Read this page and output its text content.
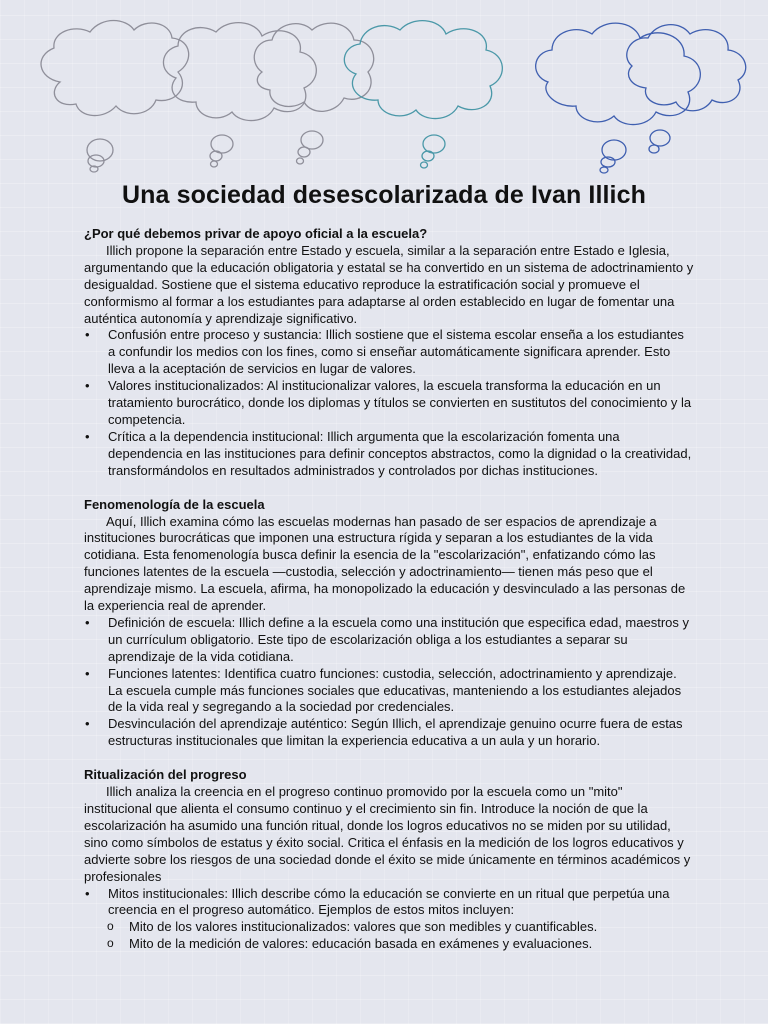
Una sociedad desescolarizada de Ivan Illich

¿Por qué debemos privar de apoyo oficial a la escuela?

Illich propone la separación entre Estado y escuela, similar a la separación entre Estado e Iglesia, argumentando que la educación obligatoria y estatal se ha convertido en un sistema de adoctrinamiento y desigualdad. Sostiene que el sistema educativo reproduce la estratificación social y promueve el conformismo al formar a los estudiantes para adaptarse al orden establecido en lugar de fomentar una auténtica autonomía y aprendizaje significativo.

• Confusión entre proceso y sustancia: Illich sostiene que el sistema escolar enseña a los estudiantes a confundir los medios con los fines, como si enseñar automáticamente significara aprender. Esto lleva a la aceptación de servicios en lugar de valores.
• Valores institucionalizados: Al institucionalizar valores, la escuela transforma la educación en un tratamiento burocrático, donde los diplomas y títulos se convierten en sustitutos del conocimiento y la competencia.
• Crítica a la dependencia institucional: Illich argumenta que la escolarización fomenta una dependencia en las instituciones para definir conceptos abstractos, como la dignidad o la creatividad, transformándolos en resultados administrados y controlados por dichas instituciones.

Fenomenología de la escuela

Aquí, Illich examina cómo las escuelas modernas han pasado de ser espacios de aprendizaje a instituciones burocráticas que imponen una estructura rígida y separan a los estudiantes de la vida cotidiana. Esta fenomenología busca definir la esencia de la "escolarización", enfatizando cómo las funciones latentes de la escuela —custodia, selección y adoctrinamiento— tienen más peso que el aprendizaje mismo. La escuela, afirma, ha monopolizado la educación y desvinculado a las personas de la experiencia real de aprender.

• Definición de escuela: Illich define a la escuela como una institución que especifica edad, maestros y un currículum obligatorio. Este tipo de escolarización obliga a los estudiantes a separar su aprendizaje de la vida cotidiana.
• Funciones latentes: Identifica cuatro funciones: custodia, selección, adoctrinamiento y aprendizaje. La escuela cumple más funciones sociales que educativas, manteniendo a los estudiantes alejados de la vida real y segregando a la sociedad por credenciales.
• Desvinculación del aprendizaje auténtico: Según Illich, el aprendizaje genuino ocurre fuera de estas estructuras institucionales que limitan la experiencia educativa a un aula y un horario.

Ritualización del progreso

Illich analiza la creencia en el progreso continuo promovido por la escuela como un "mito" institucional que alienta el consumo continuo y el crecimiento sin fin. Introduce la noción de que la escolarización ha asumido una función ritual, donde los logros educativos no se miden por su utilidad, sino como símbolos de estatus y éxito social. Critica el énfasis en la medición de los logros educativos y advierte sobre los riesgos de una sociedad donde el éxito se mide únicamente en términos académicos y profesionales

• Mitos institucionales: Illich describe cómo la educación se convierte en un ritual que perpetúa una creencia en el progreso automático. Ejemplos de estos mitos incluyen:
o Mito de los valores institucionalizados: valores que son medibles y cuantificables.
o Mito de la medición de valores: educación basada en exámenes y evaluaciones.
